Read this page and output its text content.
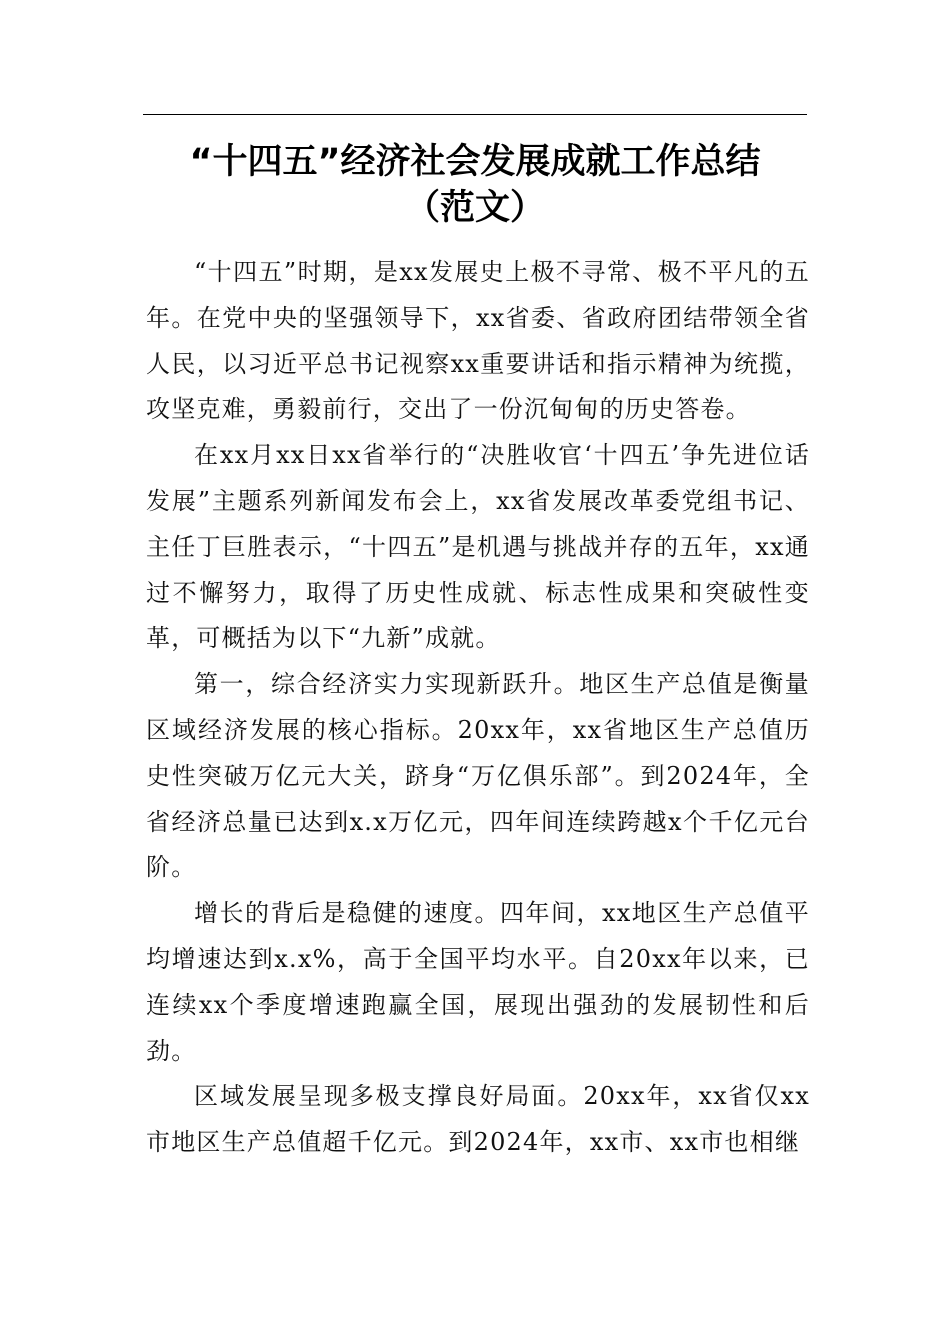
“十四五”经济社会发展成就工作总结
（范文）

“十四五”时期，是xx发展史上极不寻常、极不平凡的五年。在党中央的坚强领导下，xx省委、省政府团结带领全省人民，以习近平总书记视察xx重要讲话和指示精神为统揽，攻坚克难，勇毅前行，交出了一份沉甸甸的历史答卷。

在xx月xx日xx省举行的“决胜收官‘十四五’争先进位话发展”主题系列新闻发布会上，xx省发展改革委党组书记、主任丁巨胜表示，“十四五”是机遇与挑战并存的五年，xx通过不懈努力，取得了历史性成就、标志性成果和突破性变革，可概括为以下“九新”成就。

第一，综合经济实力实现新跃升。地区生产总值是衡量区域经济发展的核心指标。20xx年，xx省地区生产总值历史性突破万亿元大关，跻身“万亿俱乐部”。到2024年，全省经济总量已达到x.x万亿元，四年间连续跨越x个千亿元台阶。

增长的背后是稳健的速度。四年间，xx地区生产总值平均增速达到x.x%，高于全国平均水平。自20xx年以来，已连续xx个季度增速跑赢全国，展现出强劲的发展韧性和后劲。

区域发展呈现多极支撑良好局面。20xx年，xx省仅xx市地区生产总值超千亿元。到2024年，xx市、xx市也相继
